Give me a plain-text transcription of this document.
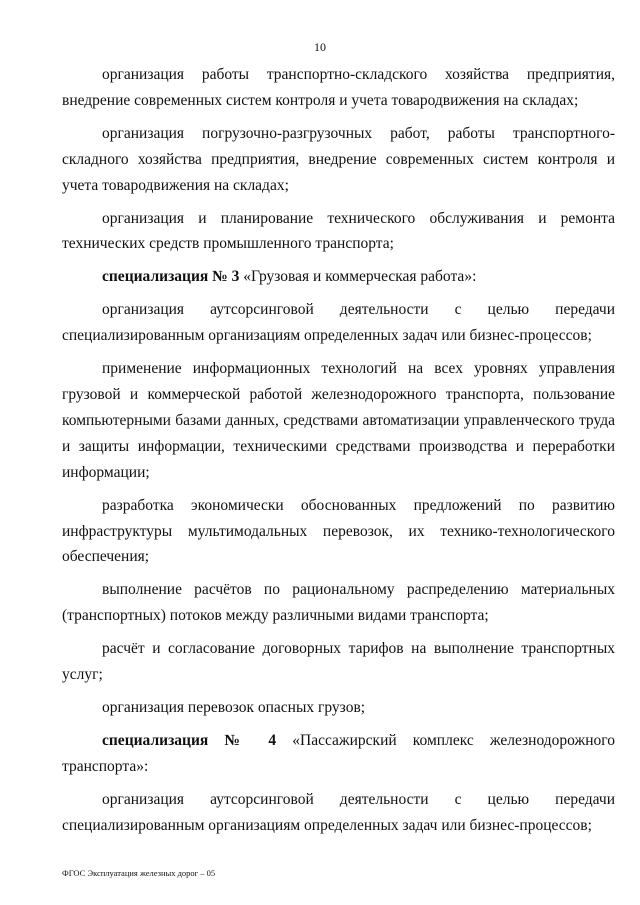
10

организация работы транспортно-складского хозяйства предприятия, внедрение современных систем контроля и учета товародвижения на складах;

организация погрузочно-разгрузочных работ, работы транспортного-складного хозяйства предприятия, внедрение современных систем контроля и учета товародвижения на складах;

организация и планирование технического обслуживания и ремонта технических средств промышленного транспорта;

специализация № 3 «Грузовая и коммерческая работа»:

организация аутсорсинговой деятельности с целью передачи специализированным организациям определенных задач или бизнес-процессов;

применение информационных технологий на всех уровнях управления грузовой и коммерческой работой железнодорожного транспорта, пользование компьютерными базами данных, средствами автоматизации управленческого труда и защиты информации, техническими средствами производства и переработки информации;

разработка экономически обоснованных предложений по развитию инфраструктуры мультимодальных перевозок, их технико-технологического обеспечения;

выполнение расчётов по рациональному распределению материальных (транспортных) потоков между различными видами транспорта;

расчёт и согласование договорных тарифов на выполнение транспортных услуг;

организация перевозок опасных грузов;

специализация № 4 «Пассажирский комплекс железнодорожного транспорта»:

организация аутсорсинговой деятельности с целью передачи специализированным организациям определенных задач или бизнес-процессов;

ФГОС Эксплуатация железных дорог – 05
